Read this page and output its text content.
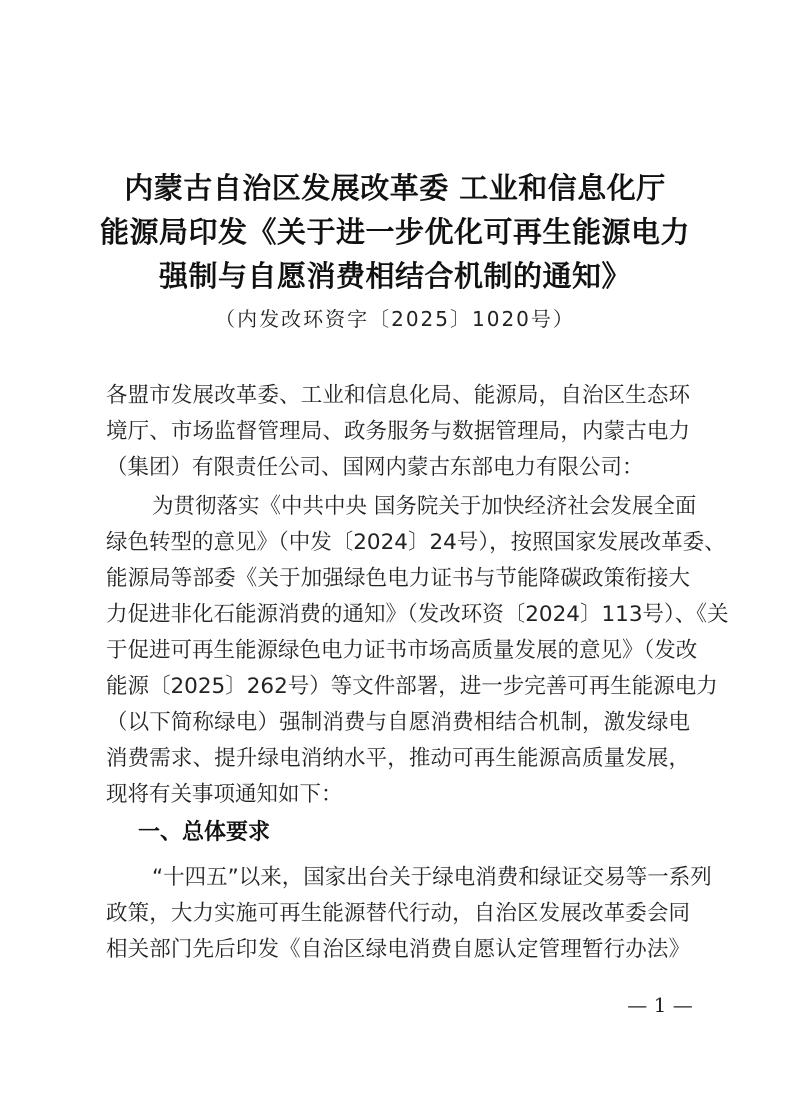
内蒙古自治区发展改革委 工业和信息化厅
能源局印发《关于进一步优化可再生能源电力
强制与自愿消费相结合机制的通知》
（内发改环资字〔2025〕1020号）
各盟市发展改革委、工业和信息化局、能源局，自治区生态环
境厅、市场监督管理局、政务服务与数据管理局，内蒙古电力
（集团）有限责任公司、国网内蒙古东部电力有限公司：
为贯彻落实《中共中央 国务院关于加快经济社会发展全面
绿色转型的意见》（中发〔2024〕24号），按照国家发展改革委、
能源局等部委《关于加强绿色电力证书与节能降碳政策衔接大
力促进非化石能源消费的通知》（发改环资〔2024〕113号）、《关
于促进可再生能源绿色电力证书市场高质量发展的意见》（发改
能源〔2025〕262号）等文件部署，进一步完善可再生能源电力
（以下简称绿电）强制消费与自愿消费相结合机制，激发绿电
消费需求、提升绿电消纳水平，推动可再生能源高质量发展，
现将有关事项通知如下：
一、总体要求
“十四五”以来，国家出台关于绿电消费和绿证交易等一系列
政策，大力实施可再生能源替代行动，自治区发展改革委会同
相关部门先后印发《自治区绿电消费自愿认定管理暂行办法》
— 1 —
